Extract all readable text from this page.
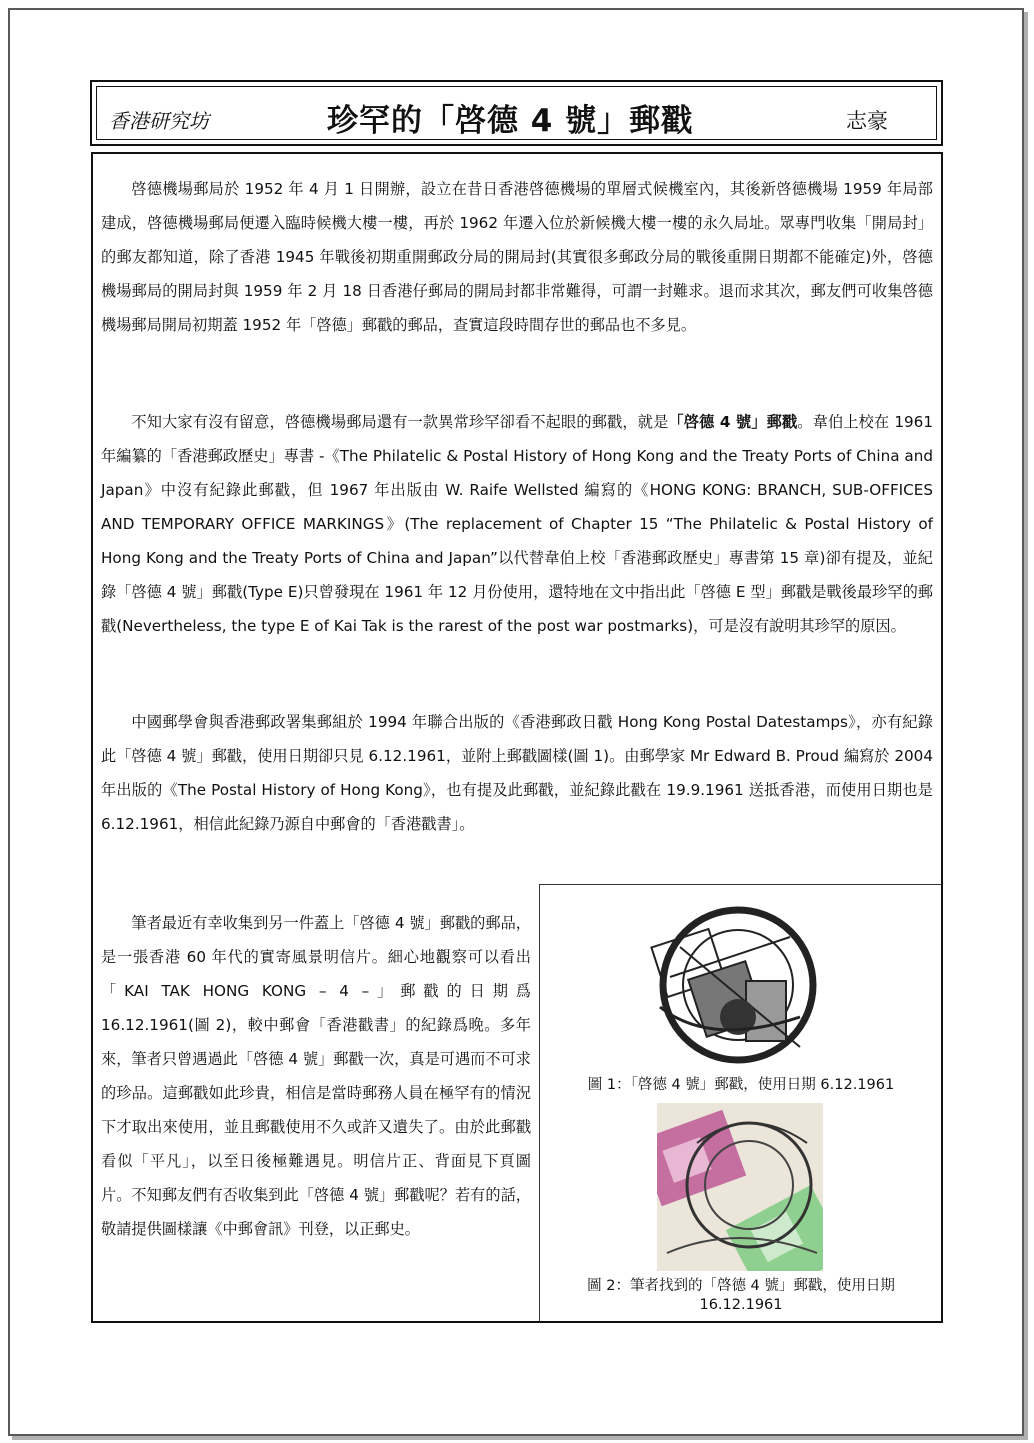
香港研究坊	珍罕的「啓德 4 號」郵戳	志豪

啓德機場郵局於 1952 年 4 月 1 日開辦，設立在昔日香港啓德機場的單層式候機室內，其後新啓德機場 1959 年局部建成，啓德機場郵局便遷入臨時候機大樓一樓，再於 1962 年遷入位於新候機大樓一樓的永久局址。眾專門收集「開局封」的郵友都知道，除了香港 1945 年戰後初期重開郵政分局的開局封(其實很多郵政分局的戰後重開日期都不能確定)外，啓德機場郵局的開局封與 1959 年 2 月 18 日香港仔郵局的開局封都非常難得，可謂一封難求。退而求其次，郵友們可收集啓德機場郵局開局初期蓋 1952 年「啓德」郵戳的郵品，查實這段時間存世的郵品也不多見。

不知大家有沒有留意，啓德機場郵局還有一款異常珍罕卻看不起眼的郵戳，就是「啓德 4 號」郵戳。韋伯上校在 1961 年編纂的「香港郵政歷史」專書 -《The Philatelic & Postal History of Hong Kong and the Treaty Ports of China and Japan》中沒有紀錄此郵戳，但 1967 年出版由 W. Raife Wellsted 編寫的《HONG KONG: BRANCH, SUB-OFFICES AND TEMPORARY OFFICE MARKINGS》(The replacement of Chapter 15 “The Philatelic & Postal History of Hong Kong and the Treaty Ports of China and Japan”以代替韋伯上校「香港郵政歷史」專書第 15 章)卻有提及，並紀錄「啓德 4 號」郵戳(Type E)只曾發現在 1961 年 12 月份使用，還特地在文中指出此「啓德 E 型」郵戳是戰後最珍罕的郵戳(Nevertheless, the type E of Kai Tak is the rarest of the post war postmarks)，可是沒有說明其珍罕的原因。

中國郵學會與香港郵政署集郵組於 1994 年聯合出版的《香港郵政日戳 Hong Kong Postal Datestamps》，亦有紀錄此「啓德 4 號」郵戳，使用日期卻只見 6.12.1961，並附上郵戳圖樣(圖 1)。由郵學家 Mr Edward B. Proud 編寫於 2004 年出版的《The Postal History of Hong Kong》，也有提及此郵戳，並紀錄此戳在 19.9.1961 送抵香港，而使用日期也是 6.12.1961，相信此紀錄乃源自中郵會的「香港戳書」。

筆者最近有幸收集到另一件蓋上「啓德 4 號」郵戳的郵品，是一張香港 60 年代的實寄風景明信片。細心地觀察可以看出「KAI TAK HONG KONG – 4 –」郵戳的日期爲 16.12.1961(圖 2)，較中郵會「香港戳書」的紀錄爲晚。多年來，筆者只曾遇過此「啓德 4 號」郵戳一次，真是可遇而不可求的珍品。這郵戳如此珍貴，相信是當時郵務人員在極罕有的情況下才取出來使用，並且郵戳使用不久或許又遺失了。由於此郵戳看似「平凡」，以至日後極難遇見。明信片正、背面見下頁圖片。不知郵友們有否收集到此「啓德 4 號」郵戳呢？若有的話，敬請提供圖樣讓《中郵會訊》刊登，以正郵史。

圖 1：「啓德 4 號」郵戳，使用日期 6.12.1961
圖 2：筆者找到的「啓德 4 號」郵戳，使用日期 16.12.1961
